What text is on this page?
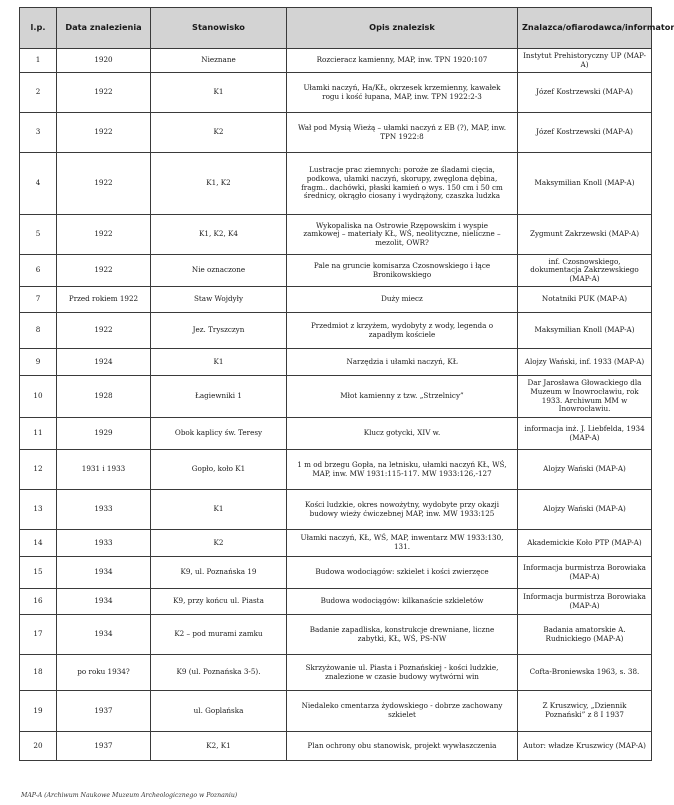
l.p.	Data znalezienia	Stanowisko	Opis znalezisk	Znalazca/ofiarodawca/informator
1	1920	Nieznane	Rozcieracz kamienny, MAP, inw. TPN 1920:107	Instytut Prehistoryczny UP (MAP-A)
2	1922	K1	Ułamki naczyń, Ha/KŁ, okrzesek krzemienny, kawałek rogu i kość łupana, MAP, inw. TPN 1922:2-3	Józef Kostrzewski (MAP-A)
3	1922	K2	Wał pod Mysią Wieżą – ułamki naczyń z EB (?), MAP, inw. TPN 1922:8	Józef Kostrzewski (MAP-A)
4	1922	K1, K2	Lustracje prac ziemnych: poroże ze śladami cięcia, podkowa, ułamki naczyń, skorupy, zwęglona dębina, fragm.. dachówki, płaski kamień o wys. 150 cm i 50 cm średnicy, okrągło ciosany i wydrążony, czaszka ludzka	Maksymilian Knoll (MAP-A)
5	1922	K1, K2, K4	Wykopaliska na Ostrowie Rzępowskim i wyspie zamkowej – materiały KŁ, WŚ, neolityczne, nieliczne – mezolit, OWR?	Zygmunt Zakrzewski (MAP-A)
6	1922	Nie oznaczone	Pale na gruncie komisarza Czosnowskiego i łące Bronikowskiego	inf. Czosnowskiego, dokumentacja Zakrzewskiego (MAP-A)
7	Przed rokiem 1922	Staw Wojdyły	Duży miecz	Notatniki PUK (MAP-A)
8	1922	Jez. Tryszczyn	Przedmiot z krzyżem, wydobyty z wody, legenda o zapadłym kościele	Maksymilian Knoll (MAP-A)
9	1924	K1	Narzędzia i ułamki naczyń, KŁ	Alojzy Wański, inf. 1933 (MAP-A)
10	1928	Łagiewniki 1	Młot kamienny z tzw. „Strzelnicy”	Dar Jarosława Głowackiego dla Muzeum w Inowrocławiu, rok 1933. Archiwum MM w Inowrocławiu.
11	1929	Obok kaplicy św. Teresy	Klucz gotycki, XIV w.	informacja inż. J. Liebfelda, 1934 (MAP-A)
12	1931 i 1933	Gopło, koło K1	1 m od brzegu Gopła, na letnisku, ułamki naczyń KŁ, WŚ, MAP, inw. MW 1931:115-117. MW 1933:126,-127	Alojzy Wański (MAP-A)
13	1933	K1	Kości ludzkie, okres nowożytny, wydobyte przy okazji budowy wieży ćwiczebnej MAP, inw. MW 1933:125	Alojzy Wański (MAP-A)
14	1933	K2	Ułamki naczyń, KŁ, WŚ, MAP, inwentarz MW 1933:130, 131.	Akademickie Koło PTP (MAP-A)
15	1934	K9, ul. Poznańska 19	Budowa wodociągów: szkielet i kości zwierzęce	Informacja burmistrza Borowiaka (MAP-A)
16	1934	K9, przy końcu ul. Piasta	Budowa wodociągów: kilkanaście szkieletów	Informacja burmistrza Borowiaka (MAP-A)
17	1934	K2 – pod murami zamku	Badanie zapadliska, konstrukcje drewniane, liczne zabytki, KŁ, WŚ, PS-NW	Badania amatorskie A. Rudnickiego (MAP-A)
18	po roku 1934?	K9 (ul. Poznańska 3-5).	Skrzyżowanie ul. Piasta i Poznańskiej - kości ludzkie, znalezione w czasie budowy wytwórni win	Cofta-Broniewska 1963, s. 38.
19	1937	ul. Goplańska	Niedaleko cmentarza żydowskiego - dobrze zachowany szkielet	Z Kruszwicy, „Dziennik Poznański” z 8 I 1937
20	1937	K2, K1	Plan ochrony obu stanowisk, projekt wywłaszczenia	Autor: władze Kruszwicy (MAP-A)
MAP-A (Archiwum Naukowe Muzeum Archeologicznego w Poznaniu)
